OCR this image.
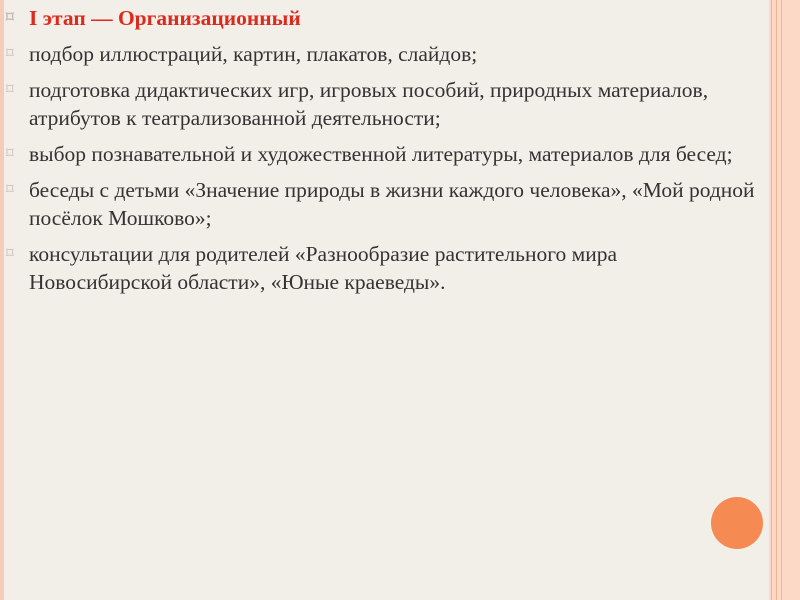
⌑ I этап — Организационный
⌑ подбор иллюстраций, картин, плакатов, слайдов;
⌑ подготовка дидактических игр, игровых пособий, природных материалов, атрибутов к театрализованной деятельности;
⌑ выбор познавательной и художественной литературы, материалов для бесед;
⌑ беседы с детьми «Значение природы в жизни каждого человека», «Мой родной посёлок Мошково»;
⌑ консультации для родителей «Разнообразие растительного мира Новосибирской области», «Юные краеведы».
